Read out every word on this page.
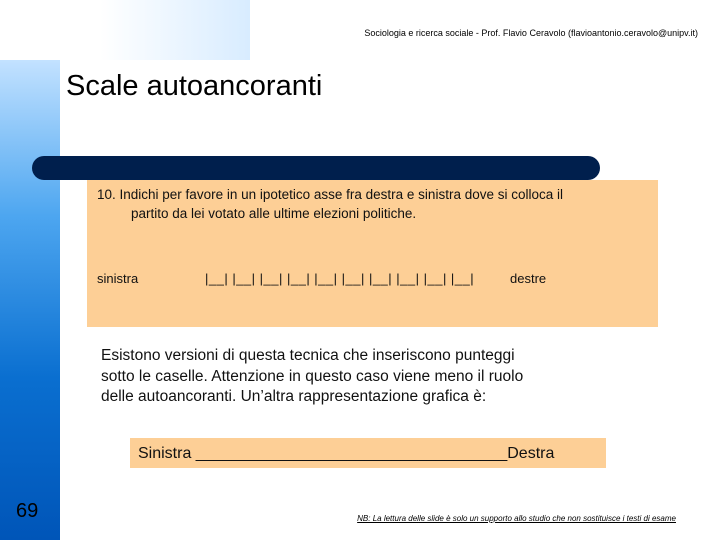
Sociologia e ricerca sociale - Prof. Flavio Ceravolo (flavioantonio.ceravolo@unipv.it)
Scale autoancoranti
10. Indichi per favore in un ipotetico asse fra destra e sinistra dove si colloca il
partito da lei votato alle ultime elezioni politiche.
sinistra	|__| |__| |__| |__| |__| |__| |__| |__| |__| |__|	destre
Esistono versioni di questa tecnica che inseriscono punteggi
sotto le caselle. Attenzione in questo caso viene meno il ruolo
delle autoancoranti. Un’altra rappresentazione grafica è:
Sinistra ___________________________________Destra
69	NB: La lettura delle slide è solo un supporto allo studio che non sostituisce i testi di esame
